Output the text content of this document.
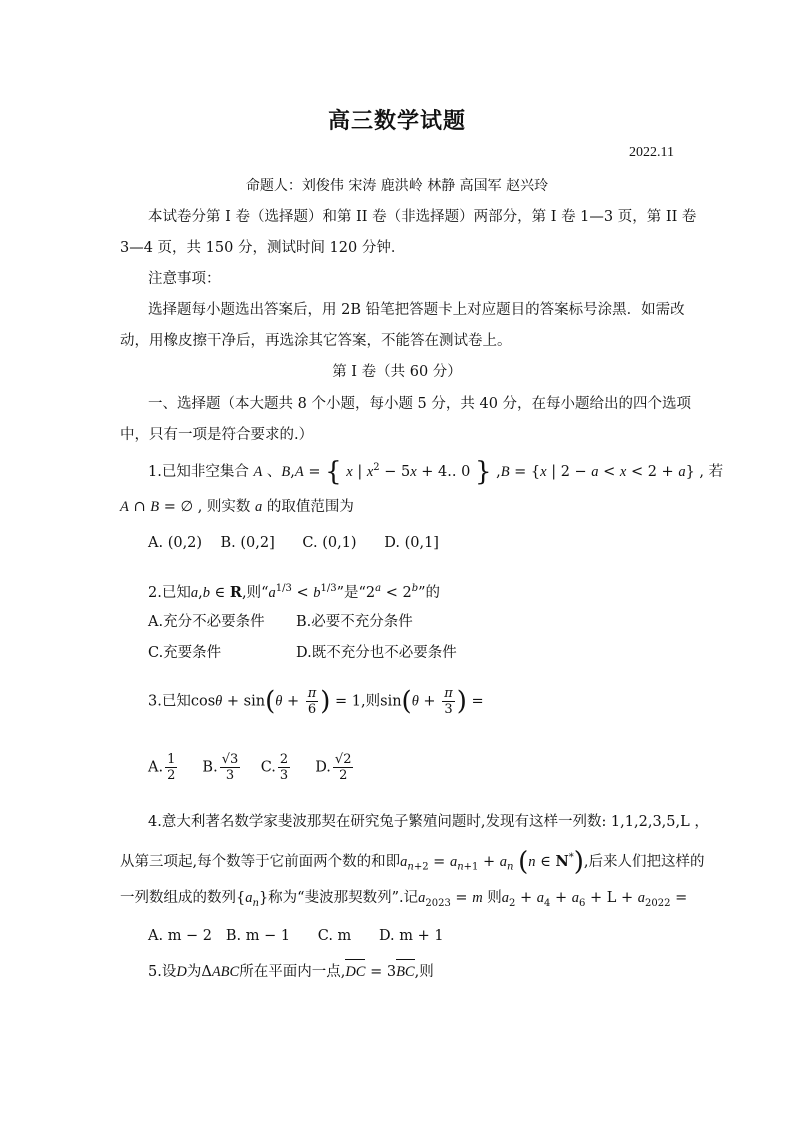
高三数学试题
2022.11
命题人：刘俊伟 宋涛 鹿洪岭 林静 高国军 赵兴玲
本试卷分第 I 卷（选择题）和第 II 卷（非选择题）两部分，第 I 卷 1—3 页，第 II 卷
3—4 页，共 150 分，测试时间 120 分钟．
注意事项：
选择题每小题选出答案后，用 2B 铅笔把答题卡上对应题目的答案标号涂黑．如需改
动，用橡皮擦干净后，再选涂其它答案，不能答在测试卷上。
第 I 卷（共 60 分）
一、选择题（本大题共 8 个小题，每小题 5 分，共 40 分，在每小题给出的四个选项
中，只有一项是符合要求的.）
1.已知非空集合 A 、B,A = { x | $x^2 - 5x + 4$.. 0 } ,B = {x | 2 − a < x < 2 + a} , 若
A ∩ B = ∅ , 则实数 a 的取值范围为
A. (0,2) B. (0,2] C. (0,1) D. (0,1]
2.已知a,b ∈ R,则“$a^{1/3} < b^{1/3}$”是“$2^a < 2^b$”的
A.充分不必要条件 B.必要不充分条件
C.充要条件	D.既不充分也不必要条件
3.已知$\cos\theta + \sin(\theta + \frac{\pi}{6}$ ) = 1,则$\sin(\theta + \frac{\pi}{3}$ ) =
A. $\frac{1}{2} B$. $\frac{√3}{3} C$. $\frac{2}{3} D$. $\frac{√2}{2}$
4.意大利著名数学家斐波那契在研究兔子繁殖问题时,发现有这样一列数: 1,1,2,3,5,L ，
从第三项起,每个数等于它前面两个数的和即$a_{n+2} = a_{n+1} + a_n$ (n ∈ N*),后来人们把这样的
一列数组成的数列$\{a_n\}$称为“斐波那契数列”.记$a_{2023} = m$ 则$a_2 + a_4 + a_6 + L + a_{2022}$ =
A. m − 2 B. m − 1 C. m D. m + 1
5.设D为ΔABC所在平面内一点,DC = 3BC,则
